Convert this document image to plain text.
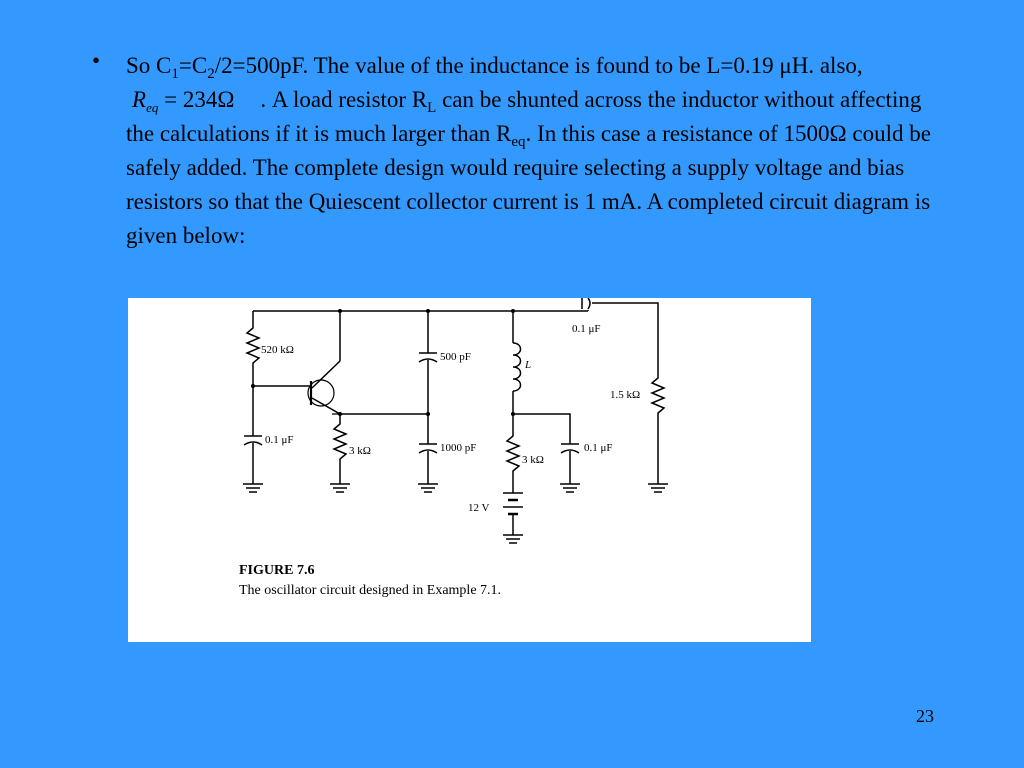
• So $C_1=C_2/2=500pF$. The value of the inductance is found to be L=0.19 μH. also, $R_{eq} = 234\Omega$ . A load resistor $R_L$ can be shunted across the inductor without affecting the calculations if it is much larger than $R_{eq}$. In this case a resistance of 1500Ω could be safely added. The complete design would require selecting a supply voltage and bias resistors so that the Quiescent collector current is 1 mA. A completed circuit diagram is given below:
520 kΩ
0.1 μF
3 kΩ
500 pF
1000 pF
L
3 kΩ
0.1 μF
12 V
0.1 μF
1.5 kΩ
FIGURE 7.6
The oscillator circuit designed in Example 7.1.
23
